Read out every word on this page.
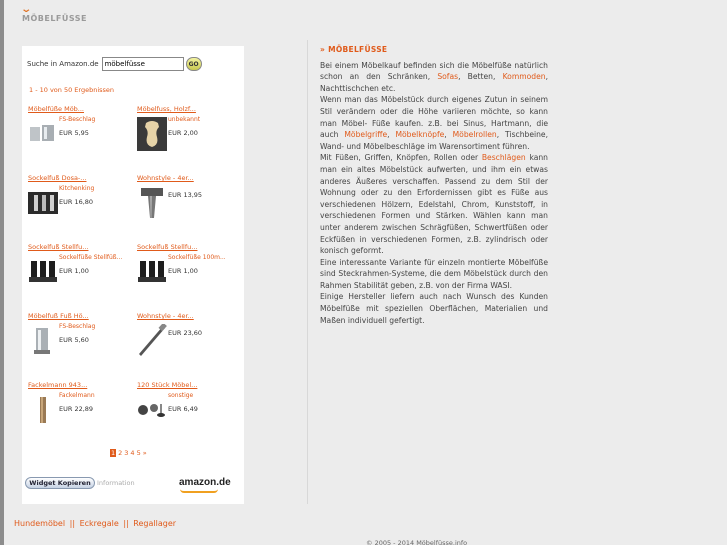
⌄
MÖBELFÜSSE
Suche in Amazon.de
möbelfüsse	GO
1 - 10 von 50 Ergebnissen
Möbelfüße Möb...
FS-Beschlag
EUR 5,95
Möbelfuss, Holzf...
unbekannt
EUR 2,00
Sockelfuß Dosa-...
Kitchenking
EUR 16,80
Wohnstyle - 4er...
EUR 13,95
Sockelfuß Stellfu...
Sockelfüße Stellfüß...
EUR 1,00
Sockelfuß Stellfu...
Sockelfüße 100m...
EUR 1,00
Möbelfuß Fuß Hö...
FS-Beschlag
EUR 5,60
Wohnstyle - 4er...
EUR 23,60
Fackelmann 943...
Fackelmann
EUR 22,89
120 Stück Möbel...
sonstige
EUR 6,49
1 2 3 4 5 »
Widget Kopieren Information	amazon.de
» MÖBELFÜSSE
Bei einem Möbelkauf befinden sich die Möbelfüße natürlich schon an den Schränken, Sofas, Betten, Kommoden, Nachttischchen etc.
Wenn man das Möbelstück durch eigenes Zutun in seinem Stil verändern oder die Höhe variieren möchte, so kann man Möbel- Füße kaufen. z.B. bei Sinus, Hartmann, die auch Möbelgriffe, Möbelknöpfe, Möbelrollen, Tischbeine, Wand- und Möbelbeschläge im Warensortiment führen.
Mit Füßen, Griffen, Knöpfen, Rollen oder Beschlägen kann man ein altes Möbelstück aufwerten, und ihm ein etwas anderes Äußeres verschaffen. Passend zu dem Stil der Wohnung oder zu den Erfordernissen gibt es Füße aus verschiedenen Hölzern, Edelstahl, Chrom, Kunststoff, in verschiedenen Formen und Stärken. Wählen kann man unter anderem zwischen Schrägfüßen, Schwertfüßen oder Eckfüßen in verschiedenen Formen, z.B. zylindrisch oder konisch geformt.
Eine interessante Variante für einzeln montierte Möbelfüße sind Steckrahmen-Systeme, die dem Möbelstück durch den Rahmen Stabilität geben, z.B. von der Firma WASI.
Einige Hersteller liefern auch nach Wunsch des Kunden Möbelfüße mit speziellen Oberflächen, Materialien und Maßen individuell gefertigt.
Hundemöbel || Eckregale || Regallager
© 2005 - 2014 Möbelfüsse.info
